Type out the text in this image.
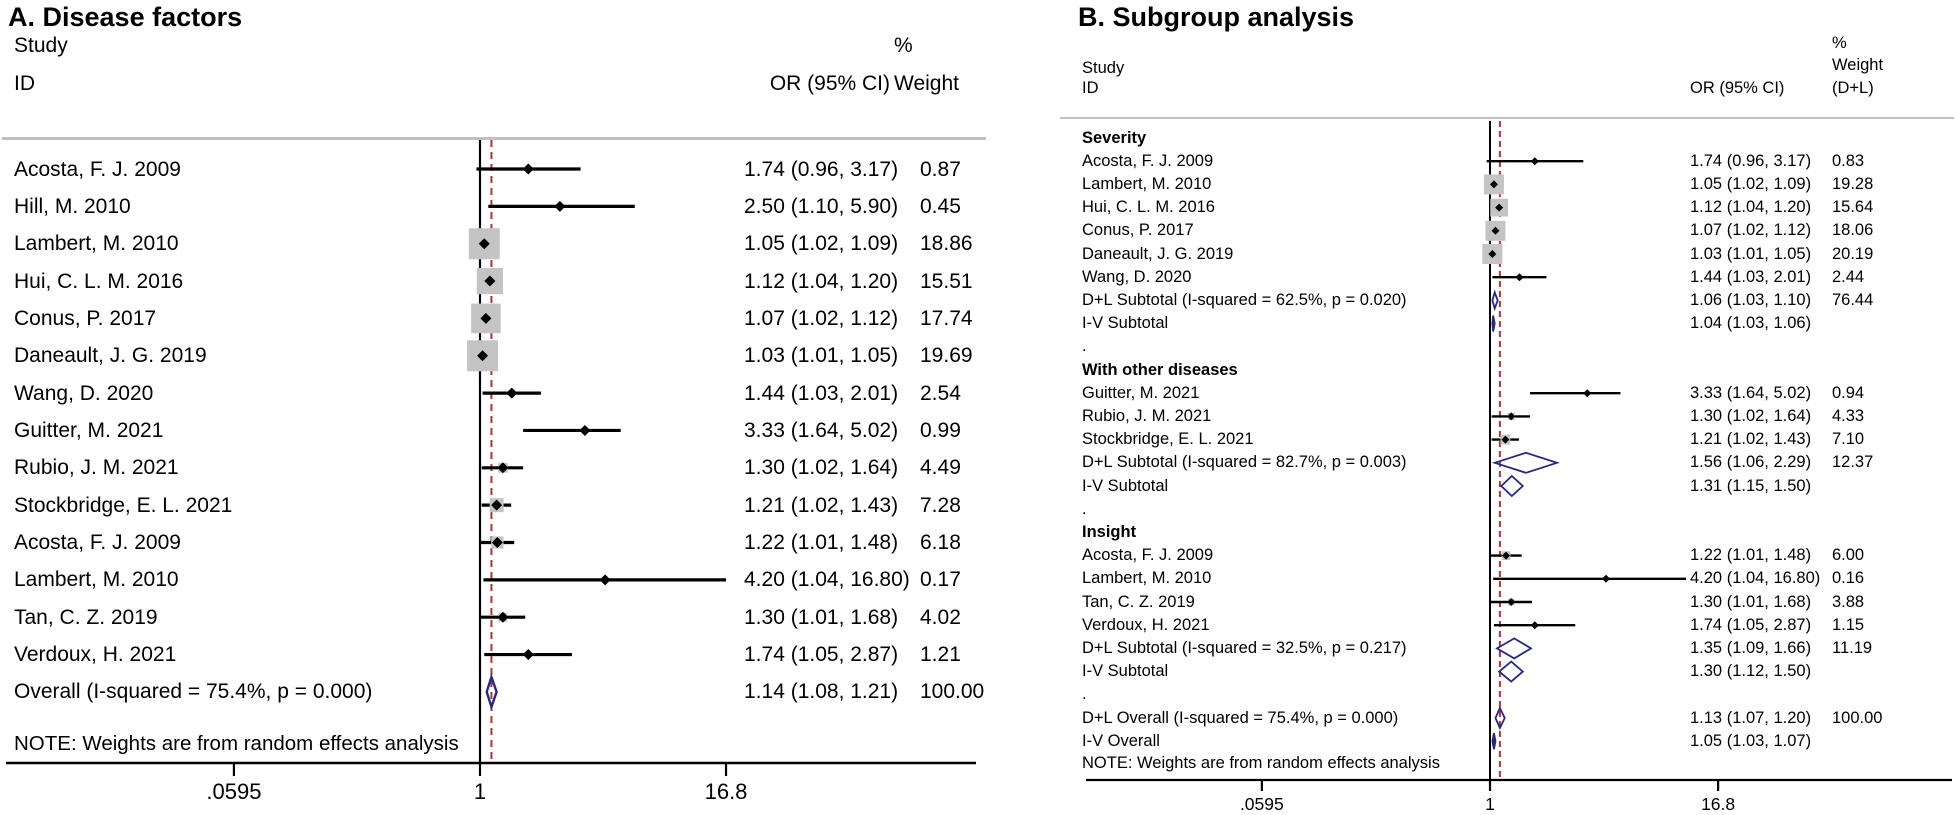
A. Disease factors
Study
ID	OR (95% CI)
%
Weight
.0595	1	16.8
Acosta, F. J. 2009	1.74 (0.96, 3.17) 0.87
Hill, M. 2010	2.50 (1.10, 5.90) 0.45
Lambert, M. 2010	1.05 (1.02, 1.09) 18.86
Hui, C. L. M. 2016	1.12 (1.04, 1.20) 15.51
Conus, P. 2017	1.07 (1.02, 1.12) 17.74
Daneault, J. G. 2019	1.03 (1.01, 1.05) 19.69
Wang, D. 2020	1.44 (1.03, 2.01) 2.54
Guitter, M. 2021	3.33 (1.64, 5.02) 0.99
Rubio, J. M. 2021	1.30 (1.02, 1.64) 4.49
Stockbridge, E. L. 2021	1.21 (1.02, 1.43) 7.28
Acosta, F. J. 2009	1.22 (1.01, 1.48) 6.18
Lambert, M. 2010	4.20 (1.04, 16.80) 0.17
Tan, C. Z. 2019	1.30 (1.01, 1.68) 4.02
Verdoux, H. 2021	1.74 (1.05, 2.87) 1.21
Overall (I-squared = 75.4%, p = 0.000)	1.14 (1.08, 1.21) 100.00
NOTE: Weights are from random effects analysis
B. Subgroup analysis
Study
ID	OR (95% CI)
%
Weight
(D+L)
.0595	1	16.8
Severity
Acosta, F. J. 2009	1.74 (0.96, 3.17) 0.83
Lambert, M. 2010	1.05 (1.02, 1.09) 19.28
Hui, C. L. M. 2016	1.12 (1.04, 1.20) 15.64
Conus, P. 2017	1.07 (1.02, 1.12) 18.06
Daneault, J. G. 2019	1.03 (1.01, 1.05) 20.19
Wang, D. 2020	1.44 (1.03, 2.01) 2.44
D+L Subtotal (I-squared = 62.5%, p = 0.020)	1.06 (1.03, 1.10) 76.44
I-V Subtotal	1.04 (1.03, 1.06)
.
With other diseases
Guitter, M. 2021	3.33 (1.64, 5.02) 0.94
Rubio, J. M. 2021	1.30 (1.02, 1.64) 4.33
Stockbridge, E. L. 2021	1.21 (1.02, 1.43) 7.10
D+L Subtotal (I-squared = 82.7%, p = 0.003)	1.56 (1.06, 2.29) 12.37
I-V Subtotal	1.31 (1.15, 1.50)
.
Insight
Acosta, F. J. 2009	1.22 (1.01, 1.48) 6.00
Lambert, M. 2010	4.20 (1.04, 16.80) 0.16
Tan, C. Z. 2019	1.30 (1.01, 1.68) 3.88
Verdoux, H. 2021	1.74 (1.05, 2.87) 1.15
D+L Subtotal (I-squared = 32.5%, p = 0.217)	1.35 (1.09, 1.66) 11.19
I-V Subtotal	1.30 (1.12, 1.50)
.
D+L Overall (I-squared = 75.4%, p = 0.000)	1.13 (1.07, 1.20) 100.00
I-V Overall	1.05 (1.03, 1.07)
NOTE: Weights are from random effects analysis
